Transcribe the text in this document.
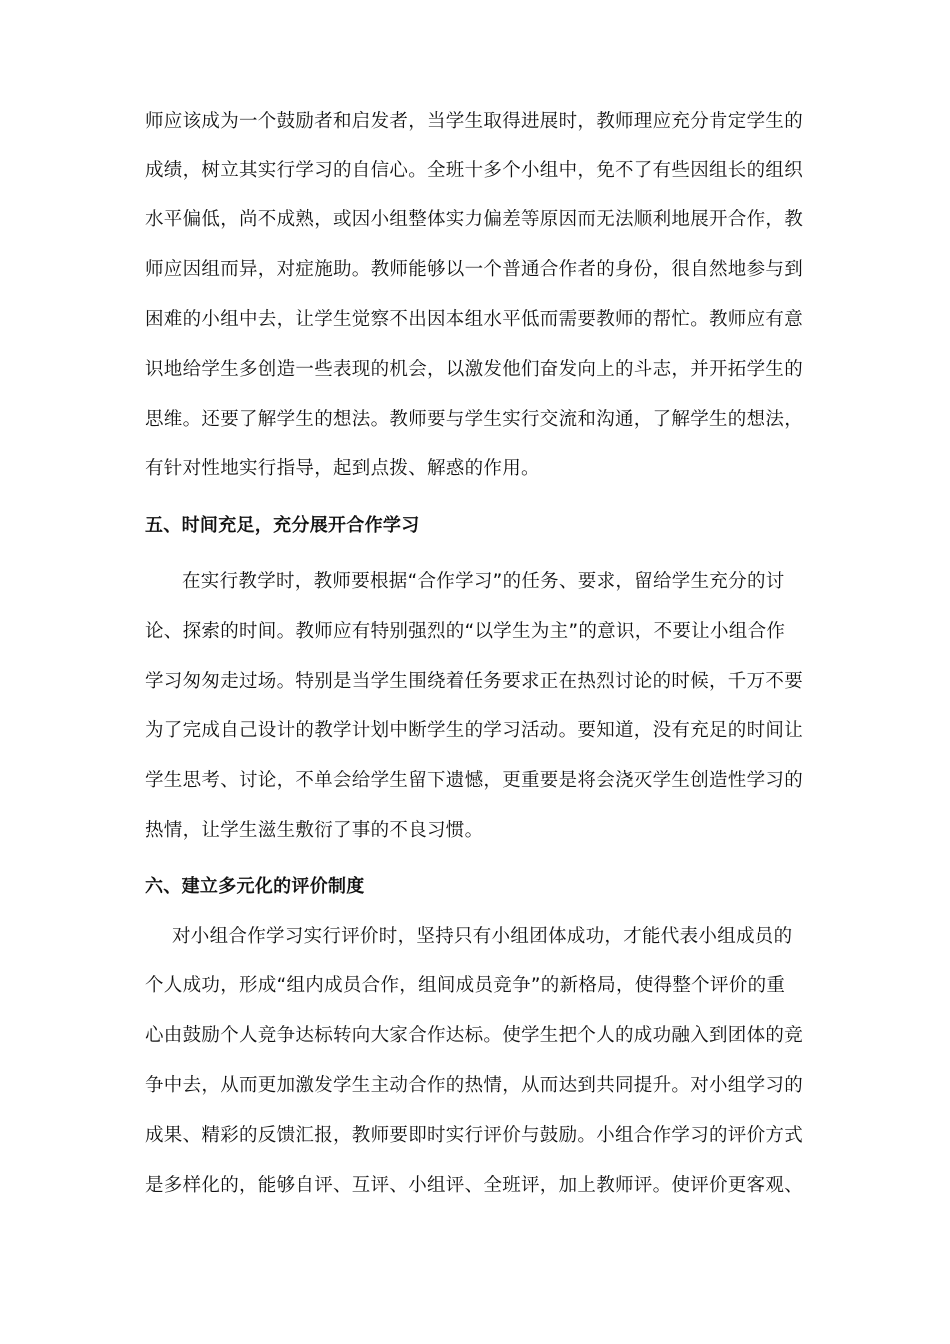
师应该成为一个鼓励者和启发者，当学生取得进展时，教师理应充分肯定学生的
成绩，树立其实行学习的自信心。全班十多个小组中，免不了有些因组长的组织
水平偏低，尚不成熟，或因小组整体实力偏差等原因而无法顺利地展开合作，教
师应因组而异，对症施助。教师能够以一个普通合作者的身份，很自然地参与到
困难的小组中去，让学生觉察不出因本组水平低而需要教师的帮忙。教师应有意
识地给学生多创造一些表现的机会，以激发他们奋发向上的斗志，并开拓学生的
思维。还要了解学生的想法。教师要与学生实行交流和沟通，了解学生的想法，
有针对性地实行指导，起到点拨、解惑的作用。
五、时间充足，充分展开合作学习
在实行教学时，教师要根据“合作学习”的任务、要求，留给学生充分的讨
论、探索的时间。教师应有特别强烈的“以学生为主”的意识，不要让小组合作
学习匆匆走过场。特别是当学生围绕着任务要求正在热烈讨论的时候，千万不要
为了完成自己设计的教学计划中断学生的学习活动。要知道，没有充足的时间让
学生思考、讨论，不单会给学生留下遗憾，更重要是将会浇灭学生创造性学习的
热情，让学生滋生敷衍了事的不良习惯。
六、建立多元化的评价制度
对小组合作学习实行评价时，坚持只有小组团体成功，才能代表小组成员的
个人成功，形成“组内成员合作，组间成员竞争”的新格局，使得整个评价的重
心由鼓励个人竞争达标转向大家合作达标。使学生把个人的成功融入到团体的竞
争中去，从而更加激发学生主动合作的热情，从而达到共同提升。对小组学习的
成果、精彩的反馈汇报，教师要即时实行评价与鼓励。小组合作学习的评价方式
是多样化的，能够自评、互评、小组评、全班评，加上教师评。使评价更客观、
